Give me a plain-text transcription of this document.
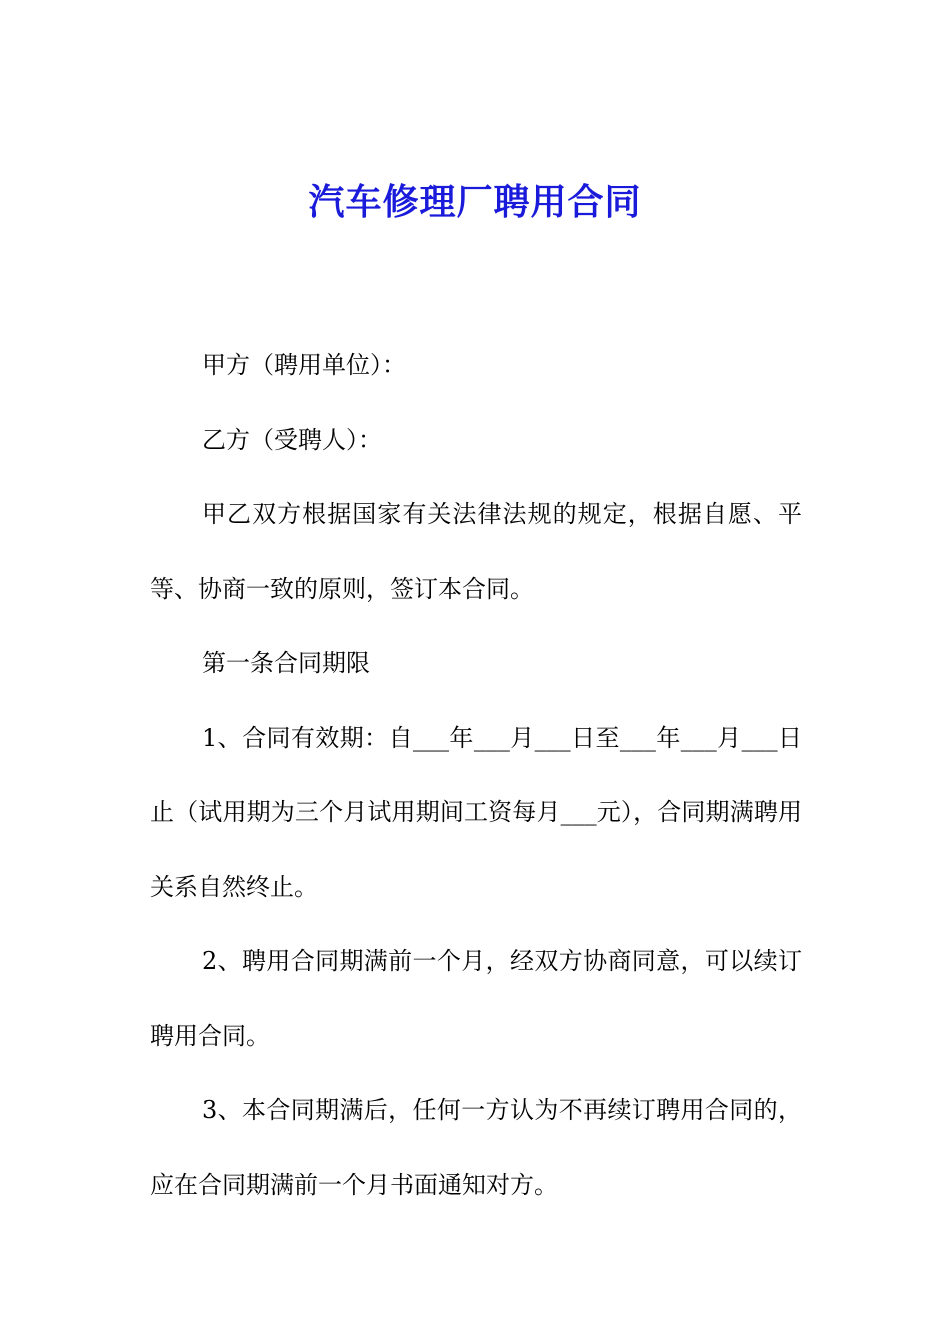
汽车修理厂聘用合同

甲方（聘用单位）：

乙方（受聘人）：

甲乙双方根据国家有关法律法规的规定，根据自愿、平等、协商一致的原则，签订本合同。

第一条合同期限

1、合同有效期：自___年___月___日至___年___月___日止（试用期为三个月试用期间工资每月___元），合同期满聘用关系自然终止。

2、聘用合同期满前一个月，经双方协商同意，可以续订聘用合同。

3、本合同期满后，任何一方认为不再续订聘用合同的，应在合同期满前一个月书面通知对方。
